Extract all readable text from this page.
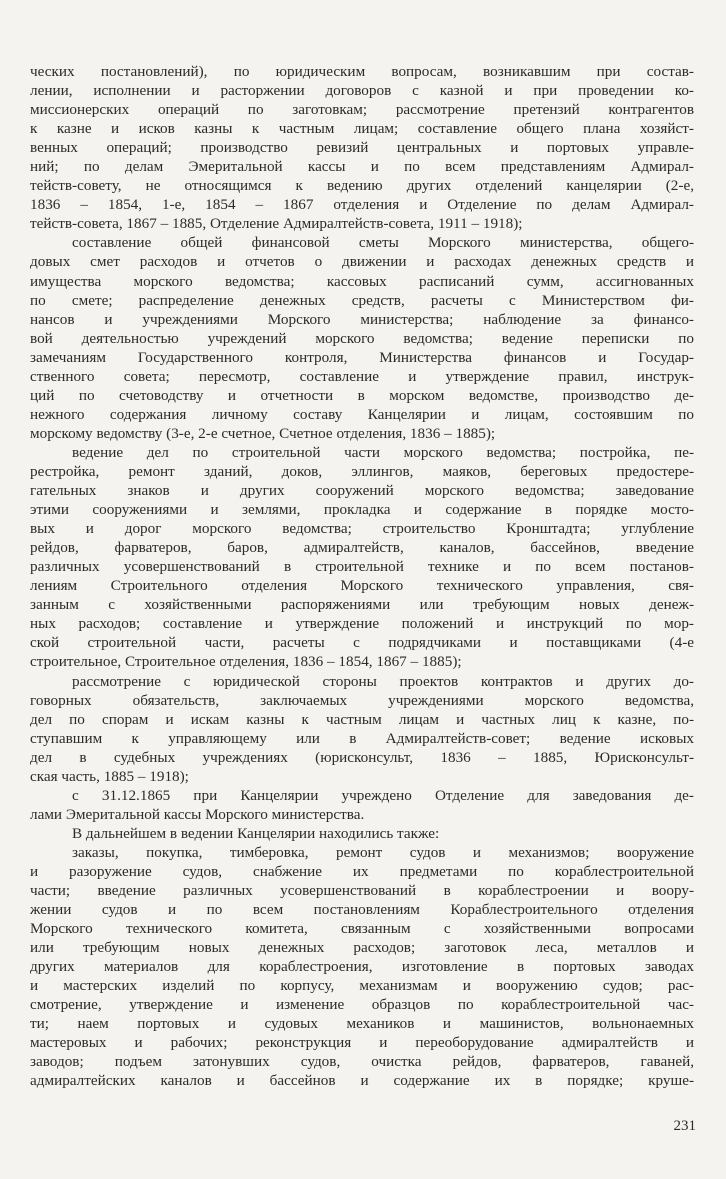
ческих постановлений), по юридическим вопросам, возникавшим при состав-
лении, исполнении и расторжении договоров с казной и при проведении ко-
миссионерских операций по заготовкам; рассмотрение претензий контрагентов
к казне и исков казны к частным лицам; составление общего плана хозяйст-
венных операций; производство ревизий центральных и портовых управле-
ний; по делам Эмеритальной кассы и по всем представлениям Адмирал-
тейств-совету, не относящимся к ведению других отделений канцелярии (2-е,
1836 – 1854, 1-е, 1854 – 1867 отделения и Отделение по делам Адмирал-
тейств-совета, 1867 – 1885, Отделение Адмиралтейств-совета, 1911 – 1918);
составление общей финансовой сметы Морского министерства, общего-
довых смет расходов и отчетов о движении и расходах денежных средств и
имущества морского ведомства; кассовых расписаний сумм, ассигнованных
по смете; распределение денежных средств, расчеты с Министерством фи-
нансов и учреждениями Морского министерства; наблюдение за финансо-
вой деятельностью учреждений морского ведомства; ведение переписки по
замечаниям Государственного контроля, Министерства финансов и Государ-
ственного совета; пересмотр, составление и утверждение правил, инструк-
ций по счетоводству и отчетности в морском ведомстве, производство де-
нежного содержания личному составу Канцелярии и лицам, состоявшим по
морскому ведомству (3-е, 2-е счетное, Счетное отделения, 1836 – 1885);
ведение дел по строительной части морского ведомства; постройка, пе-
рестройка, ремонт зданий, доков, эллингов, маяков, береговых предостере-
гательных знаков и других сооружений морского ведомства; заведование
этими сооружениями и землями, прокладка и содержание в порядке мосто-
вых и дорог морского ведомства; строительство Кронштадта; углубление
рейдов, фарватеров, баров, адмиралтейств, каналов, бассейнов, введение
различных усовершенствований в строительной технике и по всем постанов-
лениям Строительного отделения Морского технического управления, свя-
занным с хозяйственными распоряжениями или требующим новых денеж-
ных расходов; составление и утверждение положений и инструкций по мор-
ской строительной части, расчеты с подрядчиками и поставщиками (4-е
строительное, Строительное отделения, 1836 – 1854, 1867 – 1885);
рассмотрение с юридической стороны проектов контрактов и других до-
говорных обязательств, заключаемых учреждениями морского ведомства,
дел по спорам и искам казны к частным лицам и частных лиц к казне, по-
ступавшим к управляющему или в Адмиралтейств-совет; ведение исковых
дел в судебных учреждениях (юрисконсульт, 1836 – 1885, Юрисконсульт-
ская часть, 1885 – 1918);
с 31.12.1865 при Канцелярии учреждено Отделение для заведования де-
лами Эмеритальной кассы Морского министерства.
В дальнейшем в ведении Канцелярии находились также:
заказы, покупка, тимберовка, ремонт судов и механизмов; вооружение
и разоружение судов, снабжение их предметами по кораблестроительной
части; введение различных усовершенствований в кораблестроении и воору-
жении судов и по всем постановлениям Кораблестроительного отделения
Морского технического комитета, связанным с хозяйственными вопросами
или требующим новых денежных расходов; заготовок леса, металлов и
других материалов для кораблестроения, изготовление в портовых заводах
и мастерских изделий по корпусу, механизмам и вооружению судов; рас-
смотрение, утверждение и изменение образцов по кораблестроительной час-
ти; наем портовых и судовых механиков и машинистов, вольнонаемных
мастеровых и рабочих; реконструкция и переоборудование адмиралтейств и
заводов; подъем затонувших судов, очистка рейдов, фарватеров, гаваней,
адмиралтейских каналов и бассейнов и содержание их в порядке; круше-
231
